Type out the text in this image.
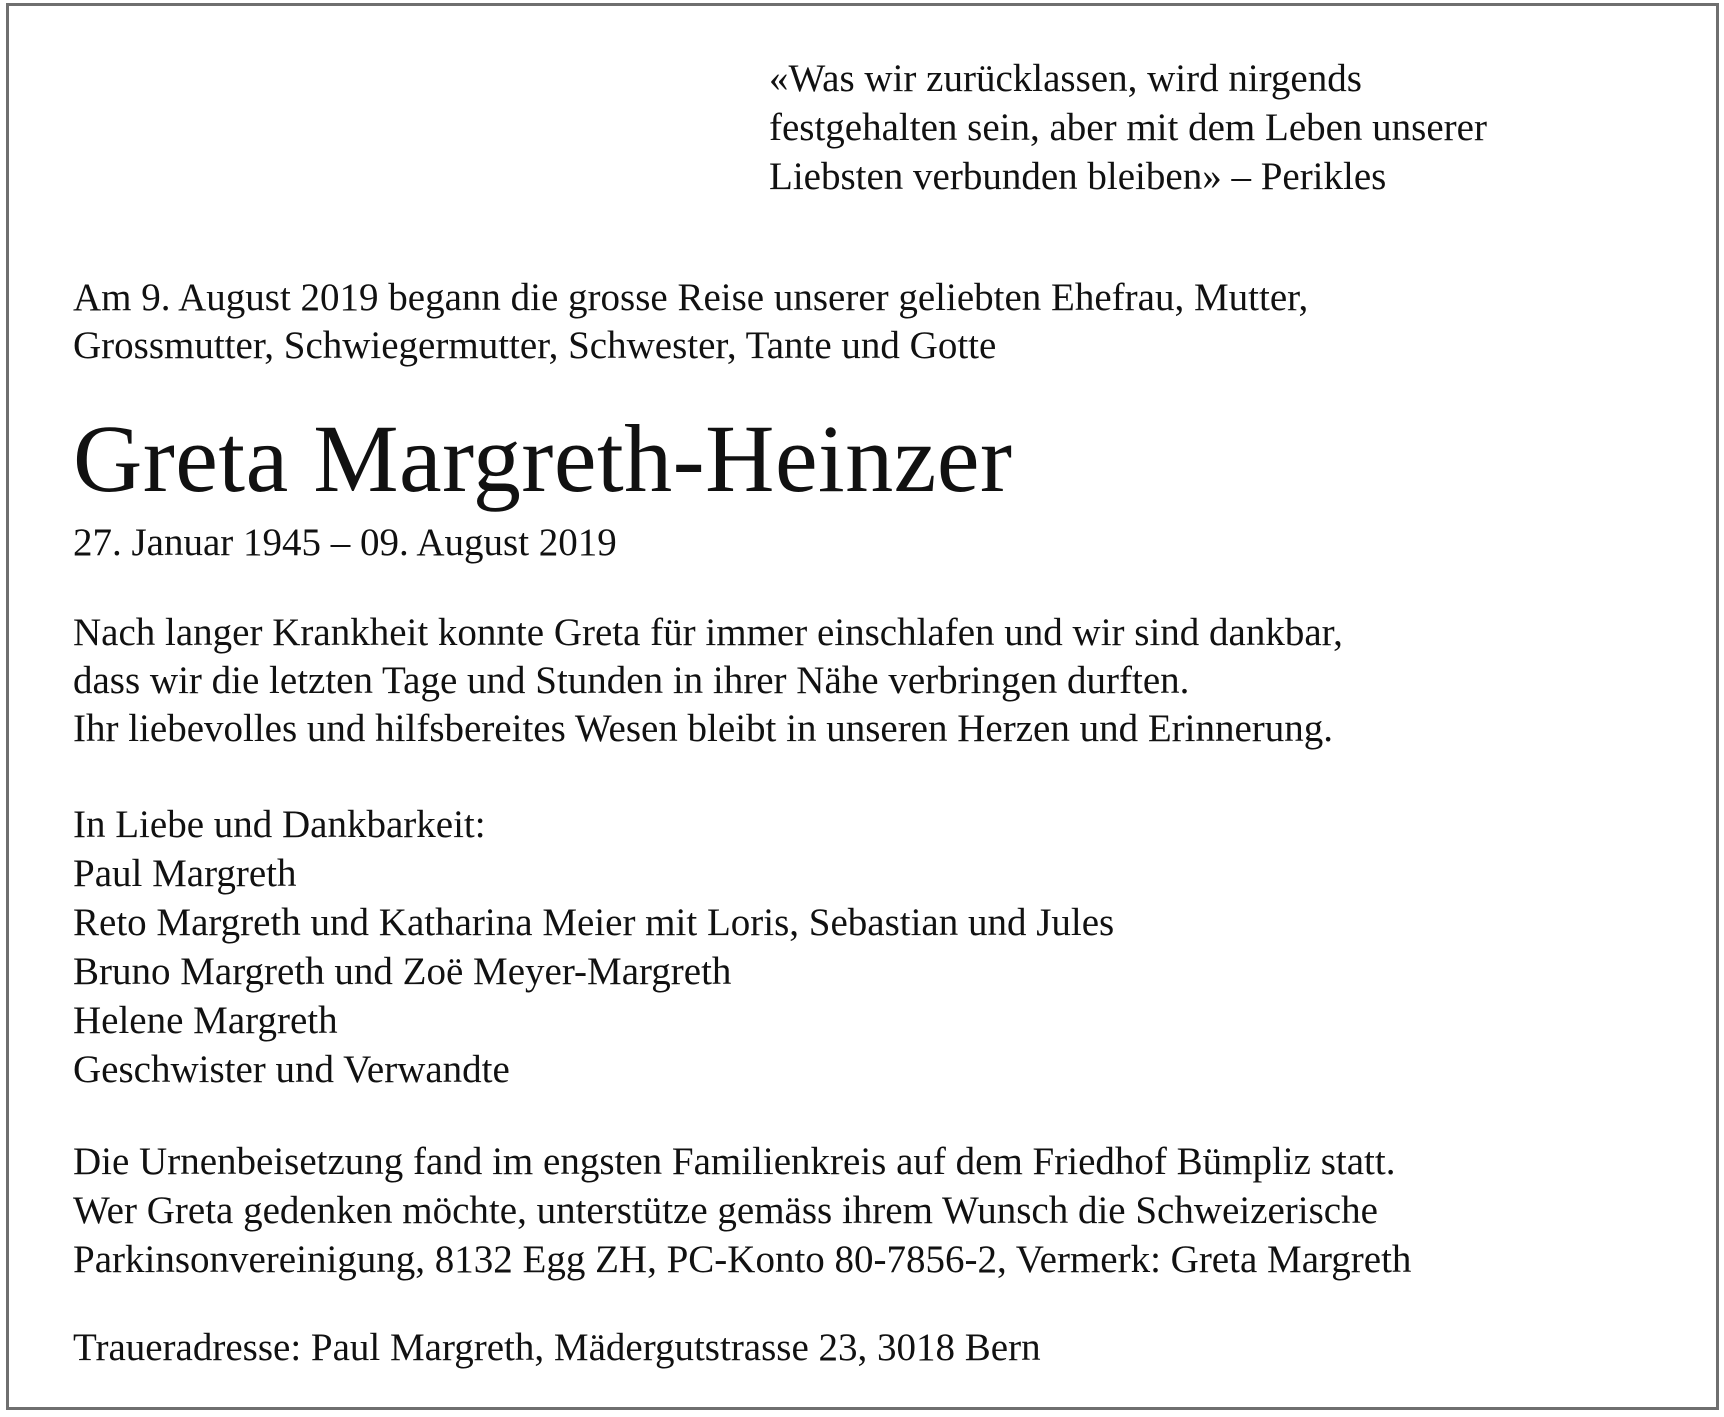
«Was wir zurücklassen, wird nirgends
festgehalten sein, aber mit dem Leben unserer
Liebsten verbunden bleiben» – Perikles
Am 9. August 2019 begann die grosse Reise unserer geliebten Ehefrau, Mutter,
Grossmutter, Schwiegermutter, Schwester, Tante und Gotte
Greta Margreth-Heinzer
27. Januar 1945 – 09. August 2019
Nach langer Krankheit konnte Greta für immer einschlafen und wir sind dankbar,
dass wir die letzten Tage und Stunden in ihrer Nähe verbringen durften.
Ihr liebevolles und hilfsbereites Wesen bleibt in unseren Herzen und Erinnerung.
In Liebe und Dankbarkeit:
Paul Margreth
Reto Margreth und Katharina Meier mit Loris, Sebastian und Jules
Bruno Margreth und Zoë Meyer-Margreth
Helene Margreth
Geschwister und Verwandte
Die Urnenbeisetzung fand im engsten Familienkreis auf dem Friedhof Bümpliz statt.
Wer Greta gedenken möchte, unterstütze gemäss ihrem Wunsch die Schweizerische
Parkinsonvereinigung, 8132 Egg ZH, PC-Konto 80-7856-2, Vermerk: Greta Margreth
Traueradresse: Paul Margreth, Mädergutstrasse 23, 3018 Bern
